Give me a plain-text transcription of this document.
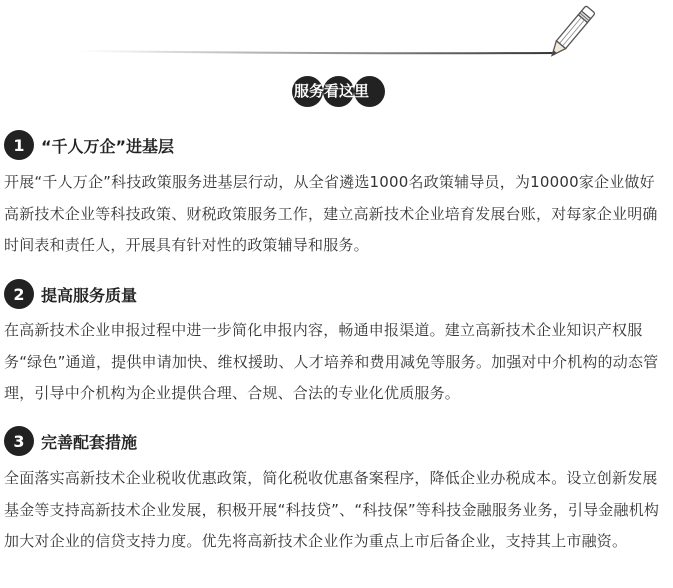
服务看这里
1	“千人万企”进基层

开展“千人万企”科技政策服务进基层行动，从全省遴选1000名政策辅导员，为10000家企业做好高新技术企业等科技政策、财税政策服务工作，建立高新技术企业培育发展台账，对每家企业明确时间表和责任人，开展具有针对性的政策辅导和服务。

2	提高服务质量

在高新技术企业申报过程中进一步简化申报内容，畅通申报渠道。建立高新技术企业知识产权服务“绿色”通道，提供申请加快、维权援助、人才培养和费用减免等服务。加强对中介机构的动态管理，引导中介机构为企业提供合理、合规、合法的专业化优质服务。

3	完善配套措施

全面落实高新技术企业税收优惠政策，简化税收优惠备案程序，降低企业办税成本。设立创新发展基金等支持高新技术企业发展，积极开展“科技贷”、“科技保”等科技金融服务业务，引导金融机构加大对企业的信贷支持力度。优先将高新技术企业作为重点上市后备企业，支持其上市融资。
